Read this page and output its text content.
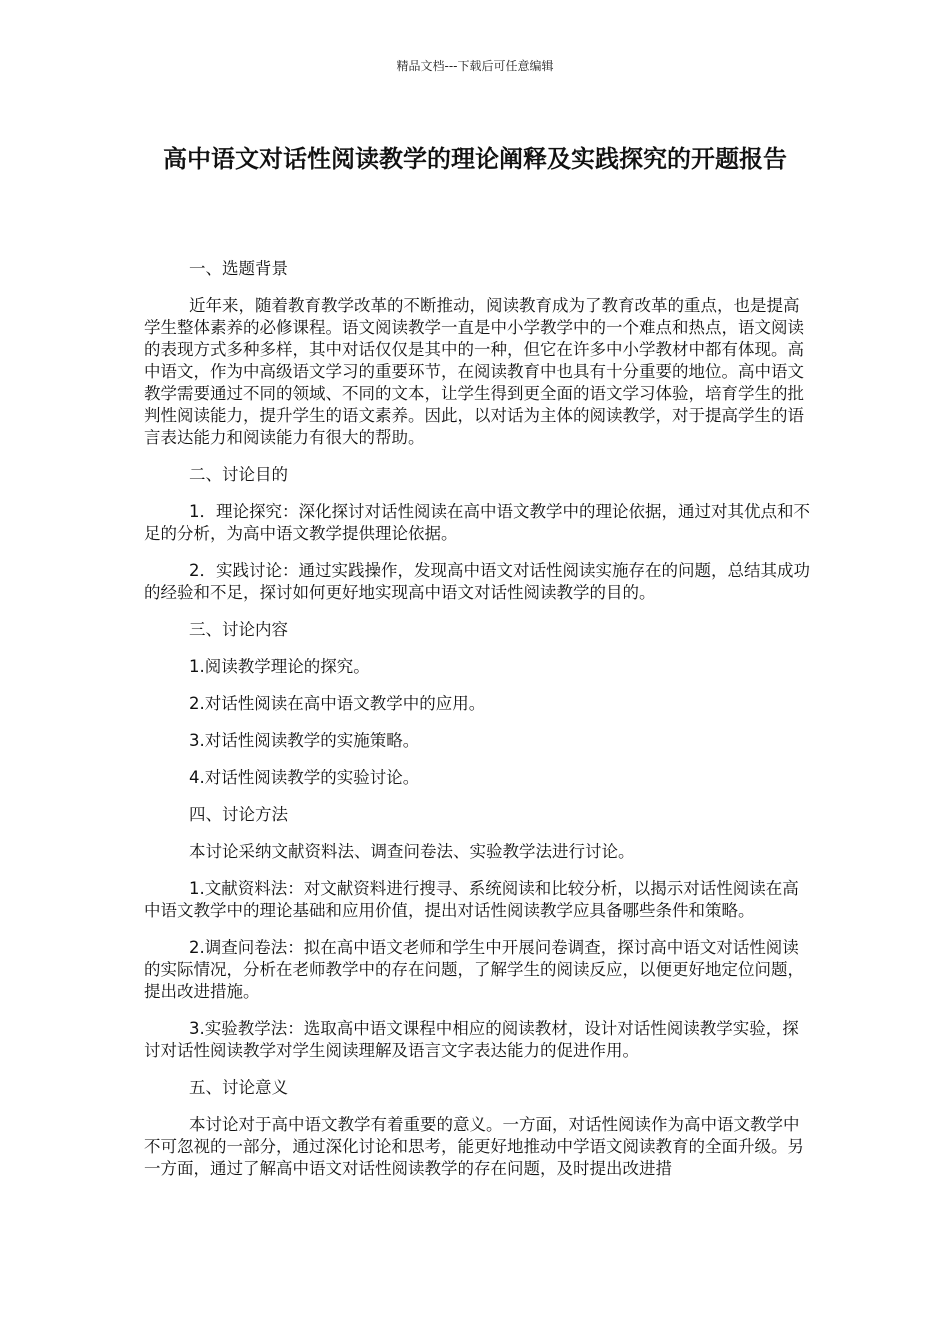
精品文档---下载后可任意编辑
高中语文对话性阅读教学的理论阐释及实践探究的开题报告

一、选题背景

近年来，随着教育教学改革的不断推动，阅读教育成为了教育改革的重点，也是提高学生整体素养的必修课程。语文阅读教学一直是中小学教学中的一个难点和热点，语文阅读的表现方式多种多样，其中对话仅仅是其中的一种，但它在许多中小学教材中都有体现。高中语文，作为中高级语文学习的重要环节，在阅读教育中也具有十分重要的地位。高中语文教学需要通过不同的领域、不同的文本，让学生得到更全面的语文学习体验，培育学生的批判性阅读能力，提升学生的语文素养。因此，以对话为主体的阅读教学，对于提高学生的语言表达能力和阅读能力有很大的帮助。

二、讨论目的

1．理论探究：深化探讨对话性阅读在高中语文教学中的理论依据，通过对其优点和不足的分析，为高中语文教学提供理论依据。

2．实践讨论：通过实践操作，发现高中语文对话性阅读实施存在的问题，总结其成功的经验和不足，探讨如何更好地实现高中语文对话性阅读教学的目的。

三、讨论内容

1.阅读教学理论的探究。

2.对话性阅读在高中语文教学中的应用。

3.对话性阅读教学的实施策略。

4.对话性阅读教学的实验讨论。

四、讨论方法

本讨论采纳文献资料法、调查问卷法、实验教学法进行讨论。

1.文献资料法：对文献资料进行搜寻、系统阅读和比较分析，以揭示对话性阅读在高中语文教学中的理论基础和应用价值，提出对话性阅读教学应具备哪些条件和策略。

2.调查问卷法：拟在高中语文老师和学生中开展问卷调查，探讨高中语文对话性阅读的实际情况，分析在老师教学中的存在问题，了解学生的阅读反应，以便更好地定位问题，提出改进措施。

3.实验教学法：选取高中语文课程中相应的阅读教材，设计对话性阅读教学实验，探讨对话性阅读教学对学生阅读理解及语言文字表达能力的促进作用。

五、讨论意义

本讨论对于高中语文教学有着重要的意义。一方面，对话性阅读作为高中语文教学中不可忽视的一部分，通过深化讨论和思考，能更好地推动中学语文阅读教育的全面升级。另一方面，通过了解高中语文对话性阅读教学的存在问题，及时提出改进措
